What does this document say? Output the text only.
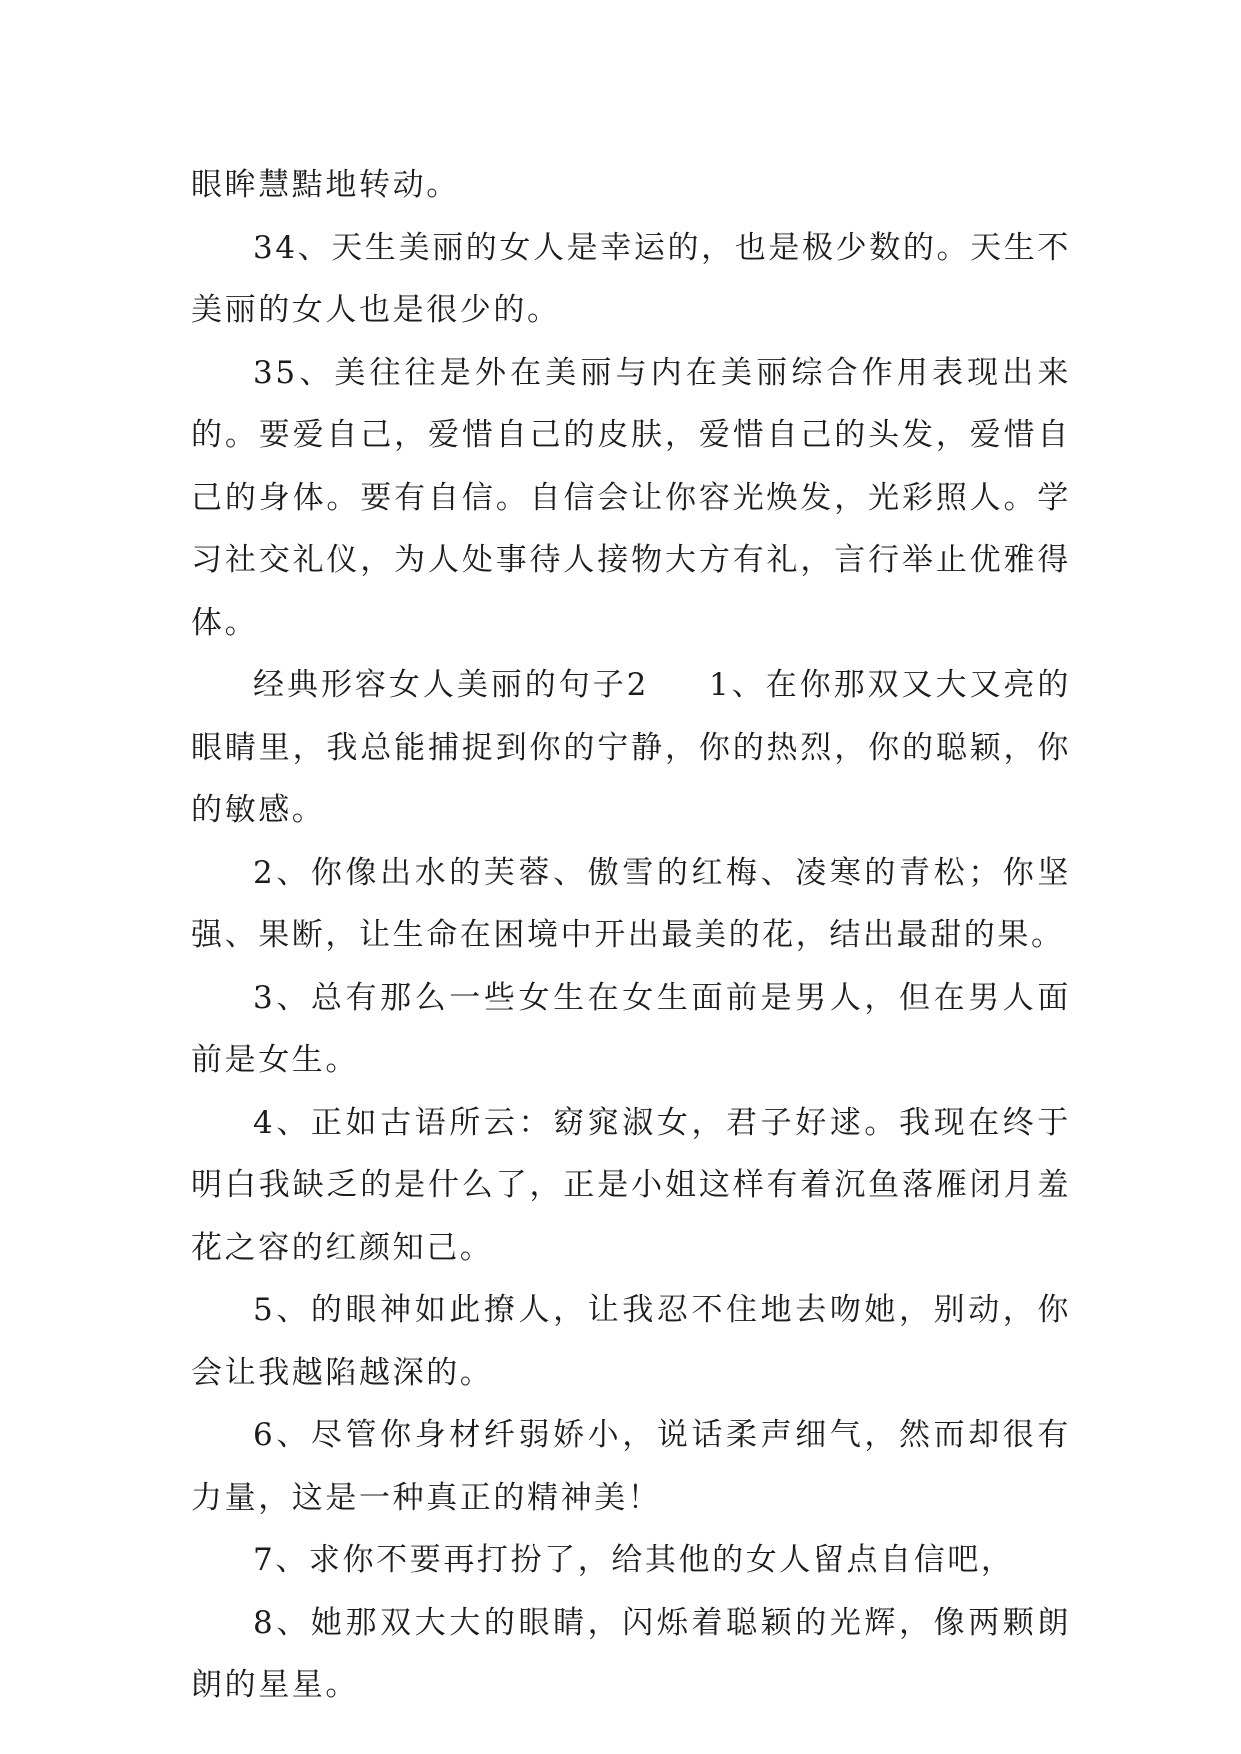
眼眸慧黠地转动。

34、天生美丽的女人是幸运的，也是极少数的。天生不美丽的女人也是很少的。

35、美往往是外在美丽与内在美丽综合作用表现出来的。要爱自己，爱惜自己的皮肤，爱惜自己的头发，爱惜自己的身体。要有自信。自信会让你容光焕发，光彩照人。学习社交礼仪，为人处事待人接物大方有礼，言行举止优雅得体。

经典形容女人美丽的句子2 1、在你那双又大又亮的眼睛里，我总能捕捉到你的宁静，你的热烈，你的聪颖，你的敏感。

2、你像出水的芙蓉、傲雪的红梅、凌寒的青松；你坚强、果断，让生命在困境中开出最美的花，结出最甜的果。

3、总有那么一些女生在女生面前是男人，但在男人面前是女生。

4、正如古语所云：窈窕淑女，君子好逑。我现在终于明白我缺乏的是什么了，正是小姐这样有着沉鱼落雁闭月羞花之容的红颜知己。

5、的眼神如此撩人，让我忍不住地去吻她，别动，你会让我越陷越深的。

6、尽管你身材纤弱娇小，说话柔声细气，然而却很有力量，这是一种真正的精神美！

7、求你不要再打扮了，给其他的女人留点自信吧，

8、她那双大大的眼睛，闪烁着聪颖的光辉，像两颗朗朗的星星。
